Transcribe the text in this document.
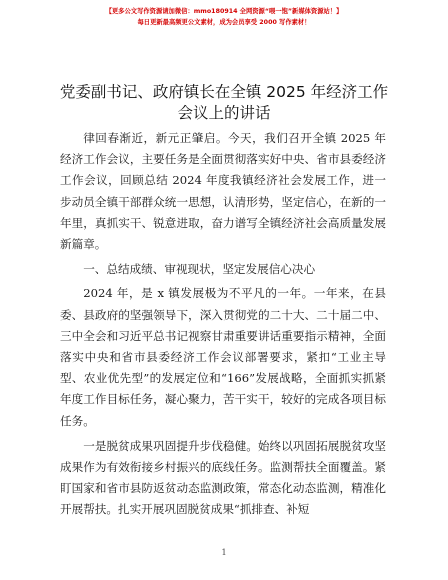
【更多公文写作资源请加微信：mmo180914 全网资源“喂一饱”新媒体资源站！】
每日更新最高频更公文素材，成为会员享受 2000 写作素材！
党委副书记、政府镇长在全镇 2025 年经济工作
会议上的讲话

律回春渐近，新元正肇启。今天，我们召开全镇 2025 年经济工作会议，主要任务是全面贯彻落实好中央、省市县委经济工作会议，回顾总结 2024 年度我镇经济社会发展工作，进一步动员全镇干部群众统一思想，认清形势，坚定信心，在新的一年里，真抓实干、锐意进取，奋力谱写全镇经济社会高质量发展新篇章。

一、总结成绩、审视现状，坚定发展信心决心

2024 年，是 x 镇发展极为不平凡的一年。一年来，在县委、县政府的坚强领导下，深入贯彻党的二十大、二十届二中、三中全会和习近平总书记视察甘肃重要讲话重要指示精神，全面落实中央和省市县委经济工作会议部署要求，紧扣“工业主导型、农业优先型”的发展定位和“166”发展战略，全面抓实抓紧年度工作目标任务，凝心聚力，苦干实干，较好的完成各项目标任务。

一是脱贫成果巩固提升步伐稳健。始终以巩固拓展脱贫攻坚成果作为有效衔接乡村振兴的底线任务。监测帮扶全面覆盖。紧盯国家和省市县防返贫动态监测政策，常态化动态监测，精准化开展帮扶。扎实开展巩固脱贫成果“抓排查、补短

1
